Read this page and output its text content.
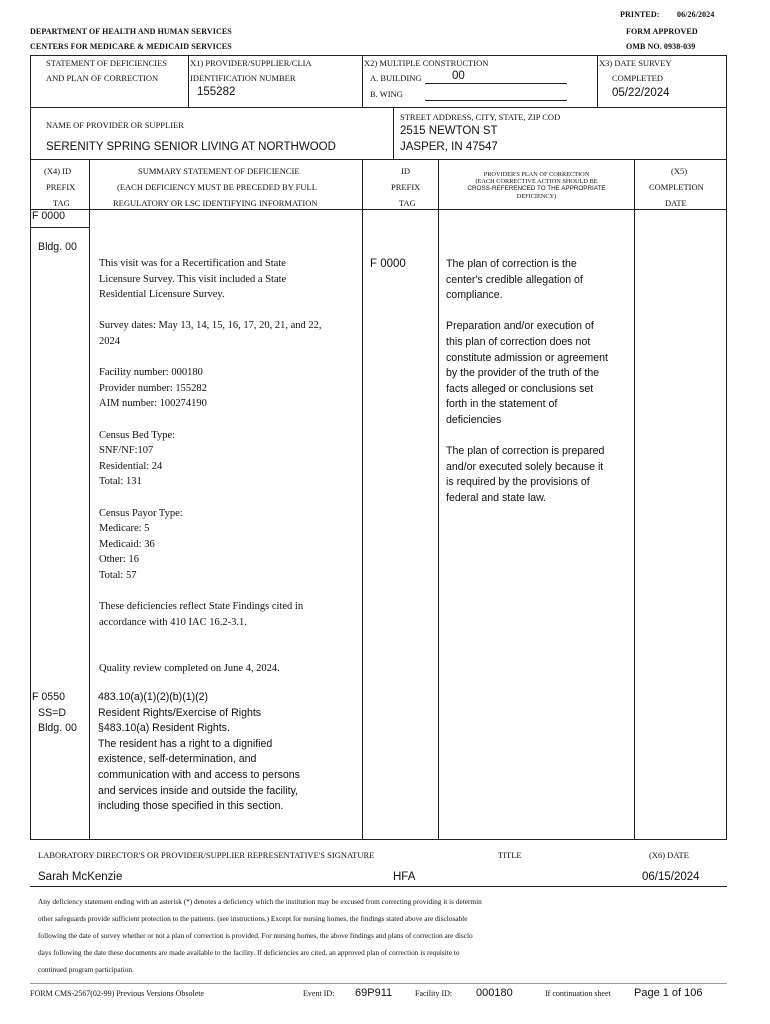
PRINTED: 06/26/2024
DEPARTMENT OF HEALTH AND HUMAN SERVICES
CENTERS FOR MEDICARE & MEDICAID SERVICES
FORM APPROVED
OMB NO. 0938-039
STATEMENT OF DEFICIENCIES
AND PLAN OF CORRECTION
X1) PROVIDER/SUPPLIER/CLIA
IDENTIFICATION NUMBER
155282
X2) MULTIPLE CONSTRUCTION
A. BUILDING	00
B. WING
X3) DATE SURVEY
COMPLETED
05/22/2024
NAME OF PROVIDER OR SUPPLIER
SERENITY SPRING SENIOR LIVING AT NORTHWOOD
STREET ADDRESS, CITY, STATE, ZIP COD
2515 NEWTON ST
JASPER, IN 47547
(X4) ID
PREFIX
TAG
SUMMARY STATEMENT OF DEFICIENCIE
(EACH DEFICIENCY MUST BE PRECEDED BY FULL
REGULATORY OR LSC IDENTIFYING INFORMATION
ID
PREFIX
TAG
PROVIDER'S PLAN OF CORRECTION
(EACH CORRECTIVE ACTION SHOULD BE
CROSS-REFERENCED TO THE APPROPRIATE
DEFICIENCY)
(X5)
COMPLETION
DATE
F 0000
Bldg. 00
This visit was for a Recertification and State
Licensure Survey. This visit included a State
Residential Licensure Survey.
Survey dates: May 13, 14, 15, 16, 17, 20, 21, and 22,
2024
Facility number: 000180
Provider number: 155282
AIM number: 100274190
Census Bed Type:
SNF/NF:107
Residential: 24
Total: 131
Census Payor Type:
Medicare: 5
Medicaid: 36
Other: 16
Total: 57
These deficiencies reflect State Findings cited in
accordance with 410 IAC 16.2-3.1.
Quality review completed on June 4, 2024.
F 0000	The plan of correction is the
center's credible allegation of
compliance.
Preparation and/or execution of
this plan of correction does not
constitute admission or agreement
by the provider of the truth of the
facts alleged or conclusions set
forth in the statement of
deficiencies
The plan of correction is prepared
and/or executed solely because it
is required by the provisions of
federal and state law.
F 0550
SS=D
Bldg. 00
483.10(a)(1)(2)(b)(1)(2)
Resident Rights/Exercise of Rights
§483.10(a) Resident Rights.
The resident has a right to a dignified
existence, self-determination, and
communication with and access to persons
and services inside and outside the facility,
including those specified in this section.
LABORATORY DIRECTOR'S OR PROVIDER/SUPPLIER REPRESENTATIVE'S SIGNATURE	TITLE	(X6) DATE
Sarah McKenzie	HFA	06/15/2024
Any deficiency statement ending with an asterisk (*) denotes a deficiency which the institution may be excused from correcting providing it is determin
other safeguards provide sufficient protection to the patients. (see instructions.) Except for nursing homes, the findings stated above are disclosable
following the date of survey whether or not a plan of correction is provided. For nursing homes, the above findings and plans of correction are disclo
days following the date these documents are made available to the facility. If deficiencies are cited, an approved plan of correction is requisite to
continued program participation.
FORM CMS-2567(02-99) Previous Versions Obsolete	Event ID: 69P911	Facility ID: 000180	If continuation sheet Page 1 of 106
